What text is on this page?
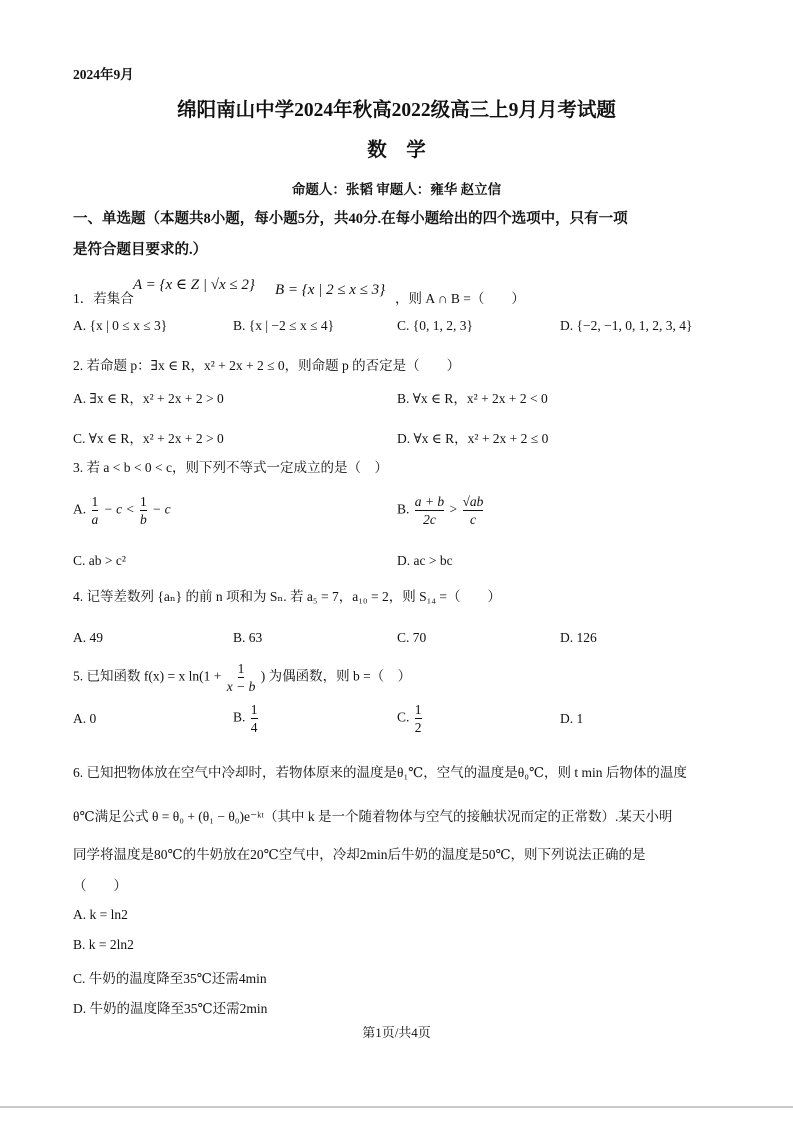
2024年9月
绵阳南山中学2024年秋高2022级高三上9月月考试题
数　学
命题人：张韬 审题人：雍华 赵立信
一、单选题（本题共8小题，每小题5分，共40分.在每小题给出的四个选项中，只有一项
是符合题目要求的.）
1．若集合
A = {x ∈ Z | √x ≤ 2} B = {x | 2 ≤ x ≤ 3}
，则 A ∩ B =（　　）
A. {x | 0 ≤ x ≤ 3}	B. {x | −2 ≤ x ≤ 4}	C. {0, 1, 2, 3}	D. {−2, −1, 0, 1, 2, 3, 4}
2. 若命题 p：∃x ∈ R，x² + 2x + 2 ≤ 0，则命题 p 的否定是（　　）
A. ∃x ∈ R，x² + 2x + 2 > 0	B. ∀x ∈ R，x² + 2x + 2 < 0
C. ∀x ∈ R，x² + 2x + 2 > 0	D. ∀x ∈ R，x² + 2x + 2 ≤ 0
3. 若 a < b < 0 < c，则下列不等式一定成立的是（　）
A. $\frac{1}{a} - c < \frac{1}{b} - c$	B. $\frac{a + b}{2c} > \frac{√ab}{c}$
C. ab > c²	D. ac > bc
4. 记等差数列 {aₙ} 的前 n 项和为 Sₙ. 若 a₅ = 7，a₁₀ = 2，则 S₁₄ =（　　）
A. 49	B. 63	C. 70	D. 126
5. 已知函数 f(x) = x $\ln(1 + \frac{1}{x - b}$ ) 为偶函数，则 b =（　）
A. 0	B. $\frac{1}{4}$	C. $\frac{1}{2}$	D. 1
6. 已知把物体放在空气中冷却时，若物体原来的温度是θ₁℃，空气的温度是θ₀℃，则 t min 后物体的温度
θ℃满足公式 θ = θ₀ + (θ₁ − θ₀)e⁻ᵏᵗ（其中 k 是一个随着物体与空气的接触状况而定的正常数）.某天小明
同学将温度是80℃的牛奶放在20℃空气中，冷却2min后牛奶的温度是50℃，则下列说法正确的是
（　　）
A. k = ln2
B. k = 2ln2
C. 牛奶的温度降至35℃还需4min
D. 牛奶的温度降至35℃还需2min
第1页/共4页
